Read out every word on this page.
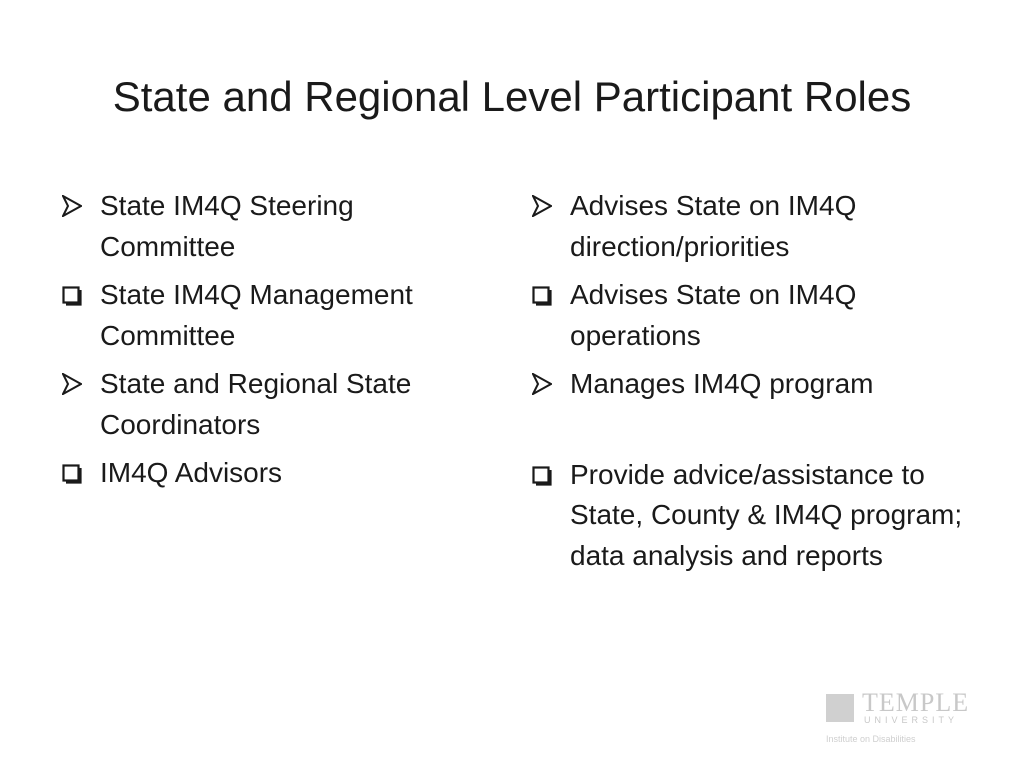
State and Regional Level Participant Roles
State IM4Q Steering Committee
State IM4Q Management Committee
State and Regional State Coordinators
IM4Q Advisors
Advises State on IM4Q direction/priorities
Advises State on IM4Q operations
Manages IM4Q program
Provide advice/assistance to State, County & IM4Q program; data analysis and reports
TEMPLE
UNIVERSITY
Institute on Disabilities
